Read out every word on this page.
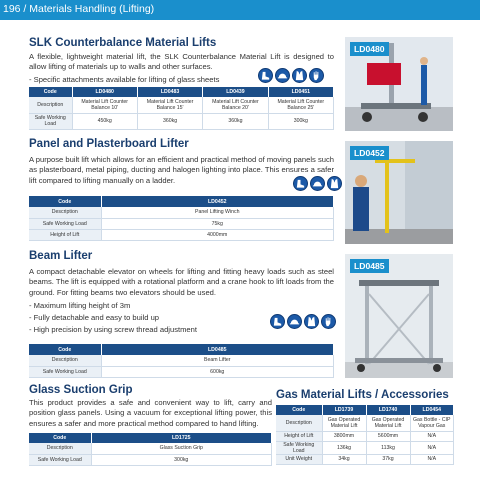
196 / Materials Handling (Lifting)
SLK Counterbalance Material Lifts

A flexible, lightweight material lift, the SLK Counterbalance Material Lift is designed to allow lifting of materials up to walls and other surfaces.

- Specific attachments available for lifting of glass sheets
Code	LD0480	LD0483	LD0439	LD0451
Description	Material Lift Counter Balance 10'	Material Lift Counter Balance 15'	Material Lift Counter Balance 20'	Material Lift Counter Balance 25'
Safe Working Load	450kg	360kg	360kg	300kg
LD0480
Panel and Plasterboard Lifter

A purpose built lift which allows for an efficient and practical method of moving panels such as plasterboard, metal piping, ducting and halogen lighting into place. This ensures a safer lift compared to lifting manually on a ladder.

Code	LD0452
Description	Panel Lifting Winch
Safe Working Load	75kg
Height of Lift	4000mm
LD0452
Beam Lifter

A compact detachable elevator on wheels for lifting and fitting heavy loads such as steel beams. The lift is equipped with a rotational platform and a crane hook to lift loads from the ground. For fitting beams two elevators should be used.

- Maximum lifting height of 3m
- Fully detachable and easy to build up
- High precision by using screw thread adjustment
Code	LD0485
Description	Beam Lifter
Safe Working Load	600kg
LD0485
Glass Suction Grip

This product provides a safe and convenient way to lift, carry and position glass panels. Using a vacuum for exceptional lifting power, this ensures a safer and more practical method compared to hand lifting.

Code	LD1725
Description	Glass Suction Grip
Safe Working Load	300kg
Gas Material Lifts / Accessories
Code	LD1739	LD1740	LD0454
Description	Gas Operated Material Lift	Gas Operated Material Lift	Gas Bottle - CIP Vapour Gas
Height of Lift	3800mm	5600mm	N/A
Safe Working Load	136kg	113kg	N/A
Unit Weight	34kg	37kg	N/A
